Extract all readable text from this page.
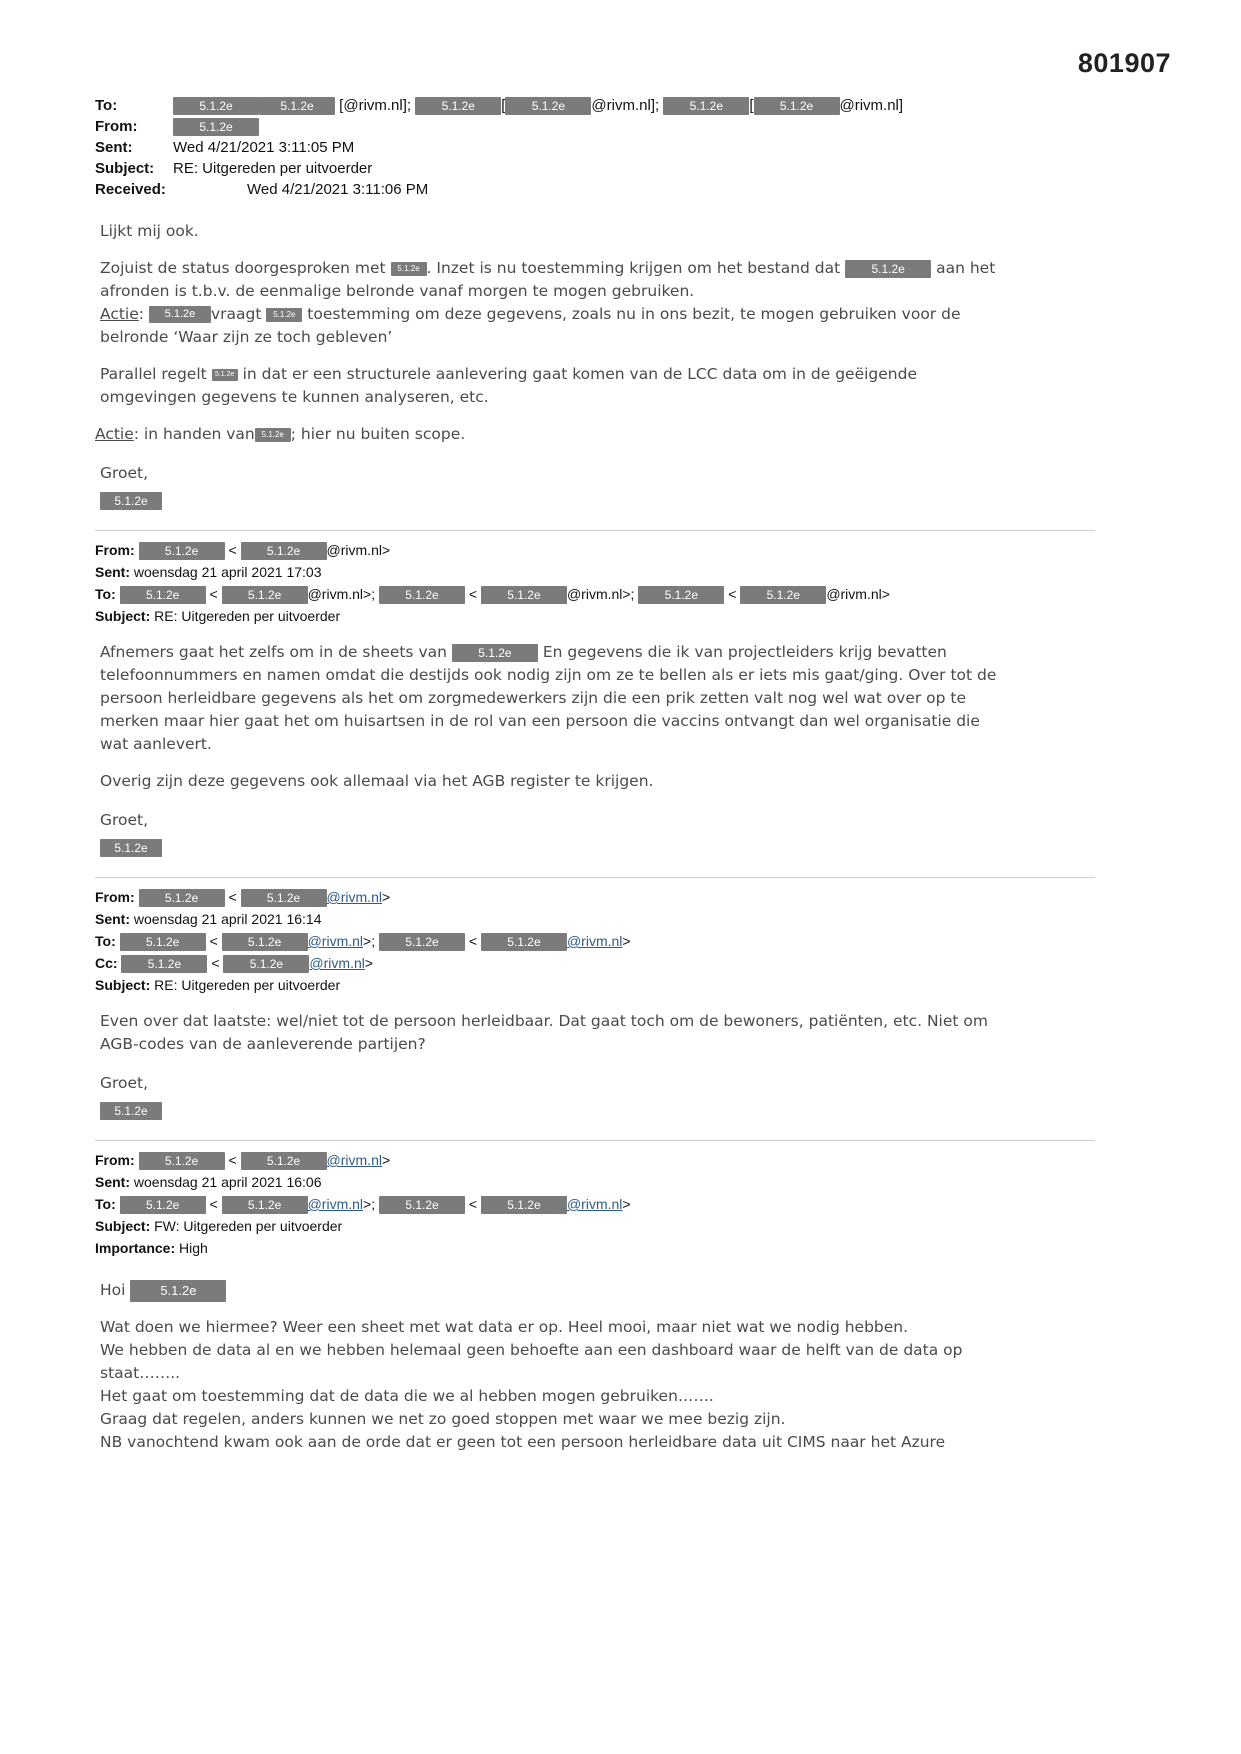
801907
To:	5.1.2e	5.1.2e [@rivm.nl];	5.1.2e [ 5.1.2e @rivm.nl];	5.1.2e [ 5.1.2e @rivm.nl]
From:	5.1.2e
Sent:	Wed 4/21/2021 3:11:05 PM
Subject:	RE: Uitgereden per uitvoerder
Received:	Wed 4/21/2021 3:11:06 PM

Lijkt mij ook.

Zojuist de status doorgesproken met 5.1.2e . Inzet is nu toestemming krijgen om het bestand dat	5.1.2e aan het
afronden is t.b.v. de eenmalige belronde vanaf morgen te mogen gebruiken.
Actie: 5.1.2e vraagt 5.1.2e toestemming om deze gegevens, zoals nu in ons bezit, te mogen gebruiken voor de
belronde ‘Waar zijn ze toch gebleven’

Parallel regelt 5.1.2e in dat er een structurele aanlevering gaat komen van de LCC data om in de geëigende
omgevingen gegevens te kunnen analyseren, etc.

Actie: in handen van 5.1.2e ; hier nu buiten scope.

Groet,
5.1.2e
From:	5.1.2e <	5.1.2e @rivm.nl>
Sent: woensdag 21 april 2021 17:03
To:	5.1.2e <	5.1.2e @rivm.nl>;	5.1.2e <	5.1.2e @rivm.nl>;	5.1.2e <	5.1.2e @rivm.nl>
Subject: RE: Uitgereden per uitvoerder

Afnemers gaat het zelfs om in de sheets van	5.1.2e En gegevens die ik van projectleiders krijg bevatten
telefoonnummers en namen omdat die destijds ook nodig zijn om ze te bellen als er iets mis gaat/ging. Over tot de
persoon herleidbare gegevens als het om zorgmedewerkers zijn die een prik zetten valt nog wel wat over op te
merken maar hier gaat het om huisartsen in de rol van een persoon die vaccins ontvangt dan wel organisatie die
wat aanlevert.

Overig zijn deze gegevens ook allemaal via het AGB register te krijgen.

Groet,
5.1.2e
From:	5.1.2e <	5.1.2e @rivm.nl>
Sent: woensdag 21 april 2021 16:14
To:	5.1.2e <	5.1.2e @rivm.nl>; 5.1.2e <	5.1.2e @rivm.nl>
Cc:	5.1.2e <	5.1.2e @rivm.nl>
Subject: RE: Uitgereden per uitvoerder

Even over dat laatste: wel/niet tot de persoon herleidbaar. Dat gaat toch om de bewoners, patiënten, etc. Niet om
AGB-codes van de aanleverende partijen?

Groet,
5.1.2e
From:	5.1.2e <	5.1.2e @rivm.nl>
Sent: woensdag 21 april 2021 16:06
To:	5.1.2e <	5.1.2e @rivm.nl>; 5.1.2e <	5.1.2e @rivm.nl>
Subject: FW: Uitgereden per uitvoerder
Importance: High

Hoi	5.1.2e

Wat doen we hiermee? Weer een sheet met wat data er op. Heel mooi, maar niet wat we nodig hebben.
We hebben de data al en we hebben helemaal geen behoefte aan een dashboard waar de helft van de data op
staat……..
Het gaat om toestemming dat de data die we al hebben mogen gebruiken…….
Graag dat regelen, anders kunnen we net zo goed stoppen met waar we mee bezig zijn.
NB vanochtend kwam ook aan de orde dat er geen tot een persoon herleidbare data uit CIMS naar het Azure
